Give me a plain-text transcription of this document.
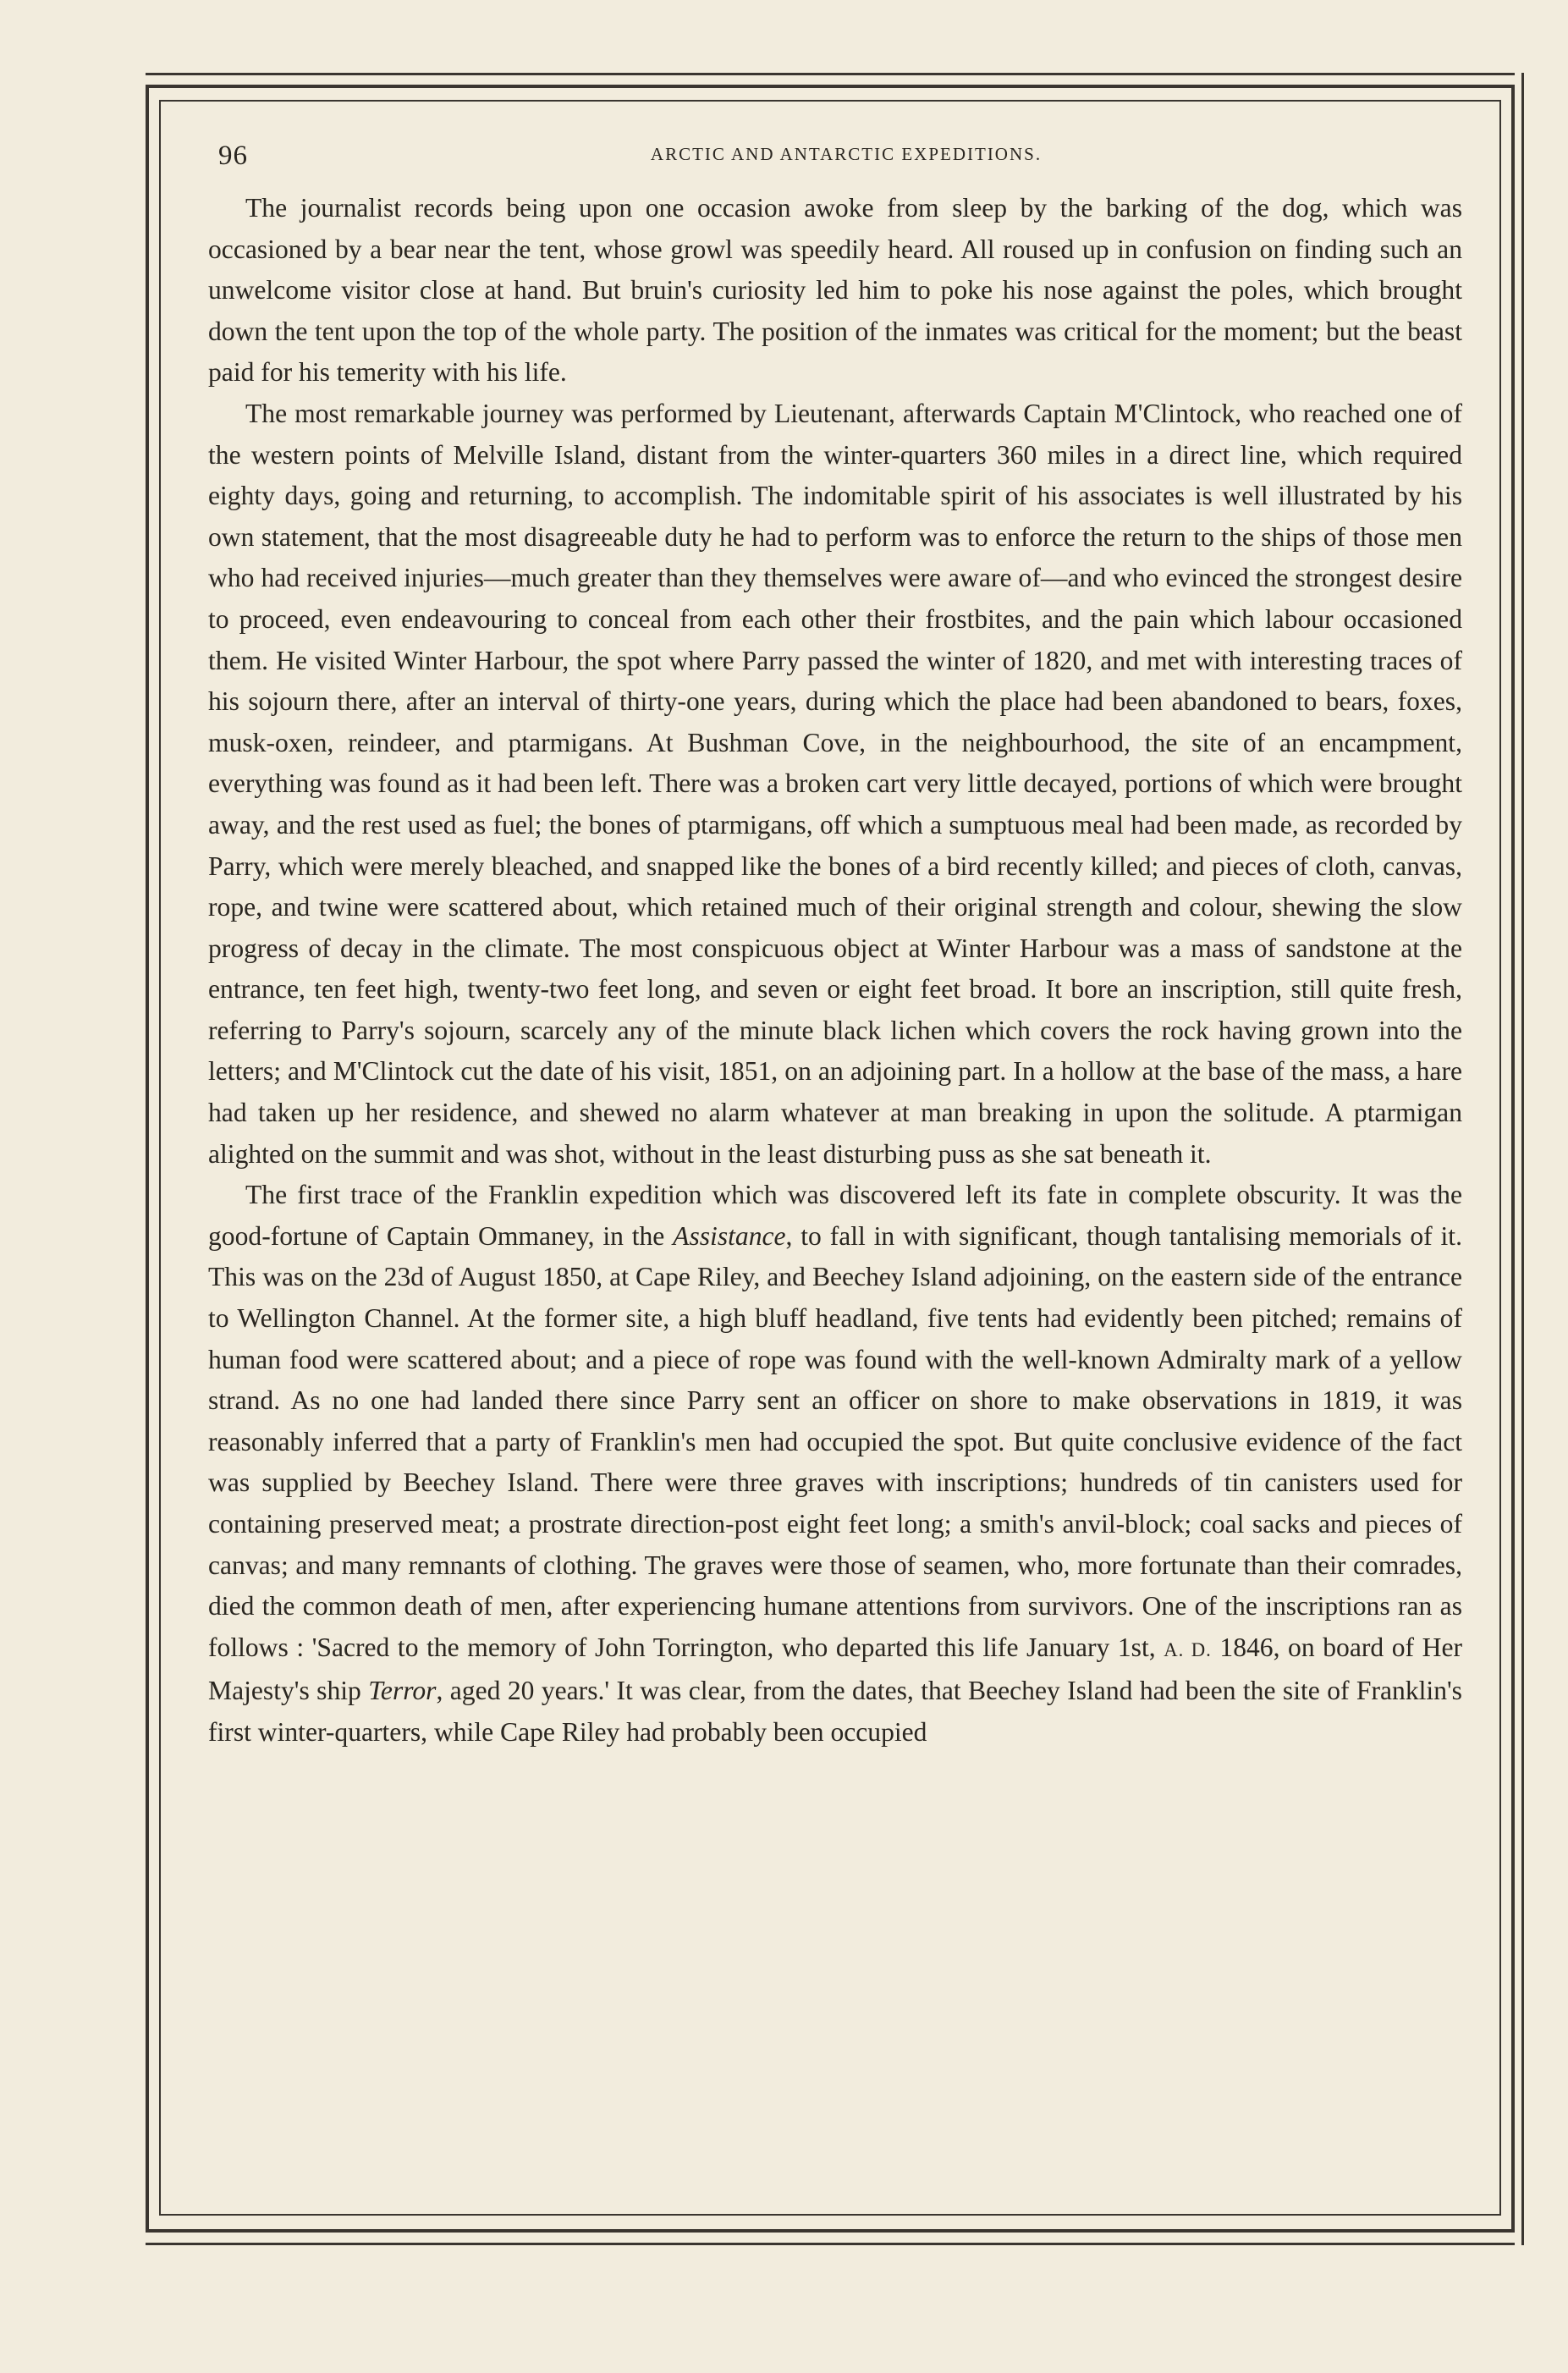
96	ARCTIC AND ANTARCTIC EXPEDITIONS.

The journalist records being upon one occasion awoke from sleep by the barking of the dog, which was occasioned by a bear near the tent, whose growl was speedily heard. All roused up in confusion on finding such an unwelcome visitor close at hand. But bruin's curiosity led him to poke his nose against the poles, which brought down the tent upon the top of the whole party. The position of the inmates was critical for the moment; but the beast paid for his temerity with his life.

The most remarkable journey was performed by Lieutenant, afterwards Captain M'Clintock, who reached one of the western points of Melville Island, distant from the winter-quarters 360 miles in a direct line, which required eighty days, going and returning, to accomplish. The indomitable spirit of his associates is well illustrated by his own statement, that the most disagreeable duty he had to perform was to enforce the return to the ships of those men who had received injuries—much greater than they themselves were aware of—and who evinced the strongest desire to proceed, even endeavouring to conceal from each other their frostbites, and the pain which labour occasioned them. He visited Winter Harbour, the spot where Parry passed the winter of 1820, and met with interesting traces of his sojourn there, after an interval of thirty-one years, during which the place had been abandoned to bears, foxes, musk-oxen, reindeer, and ptarmigans. At Bushman Cove, in the neighbourhood, the site of an encampment, everything was found as it had been left. There was a broken cart very little decayed, portions of which were brought away, and the rest used as fuel; the bones of ptarmigans, off which a sumptuous meal had been made, as recorded by Parry, which were merely bleached, and snapped like the bones of a bird recently killed; and pieces of cloth, canvas, rope, and twine were scattered about, which retained much of their original strength and colour, shewing the slow progress of decay in the climate. The most conspicuous object at Winter Harbour was a mass of sandstone at the entrance, ten feet high, twenty-two feet long, and seven or eight feet broad. It bore an inscription, still quite fresh, referring to Parry's sojourn, scarcely any of the minute black lichen which covers the rock having grown into the letters; and M'Clintock cut the date of his visit, 1851, on an adjoining part. In a hollow at the base of the mass, a hare had taken up her residence, and shewed no alarm whatever at man breaking in upon the solitude. A ptarmigan alighted on the summit and was shot, without in the least disturbing puss as she sat beneath it.

The first trace of the Franklin expedition which was discovered left its fate in complete obscurity. It was the good-fortune of Captain Ommaney, in the Assistance, to fall in with significant, though tantalising memorials of it. This was on the 23d of August 1850, at Cape Riley, and Beechey Island adjoining, on the eastern side of the entrance to Wellington Channel. At the former site, a high bluff headland, five tents had evidently been pitched; remains of human food were scattered about; and a piece of rope was found with the well-known Admiralty mark of a yellow strand. As no one had landed there since Parry sent an officer on shore to make observations in 1819, it was reasonably inferred that a party of Franklin's men had occupied the spot. But quite conclusive evidence of the fact was supplied by Beechey Island. There were three graves with inscriptions; hundreds of tin canisters used for containing preserved meat; a prostrate direction-post eight feet long; a smith's anvil-block; coal sacks and pieces of canvas; and many remnants of clothing. The graves were those of seamen, who, more fortunate than their comrades, died the common death of men, after experiencing humane attentions from survivors. One of the inscriptions ran as follows : 'Sacred to the memory of John Torrington, who departed this life January 1st, A. D. 1846, on board of Her Majesty's ship Terror, aged 20 years.' It was clear, from the dates, that Beechey Island had been the site of Franklin's first winter-quarters, while Cape Riley had probably been occupied
